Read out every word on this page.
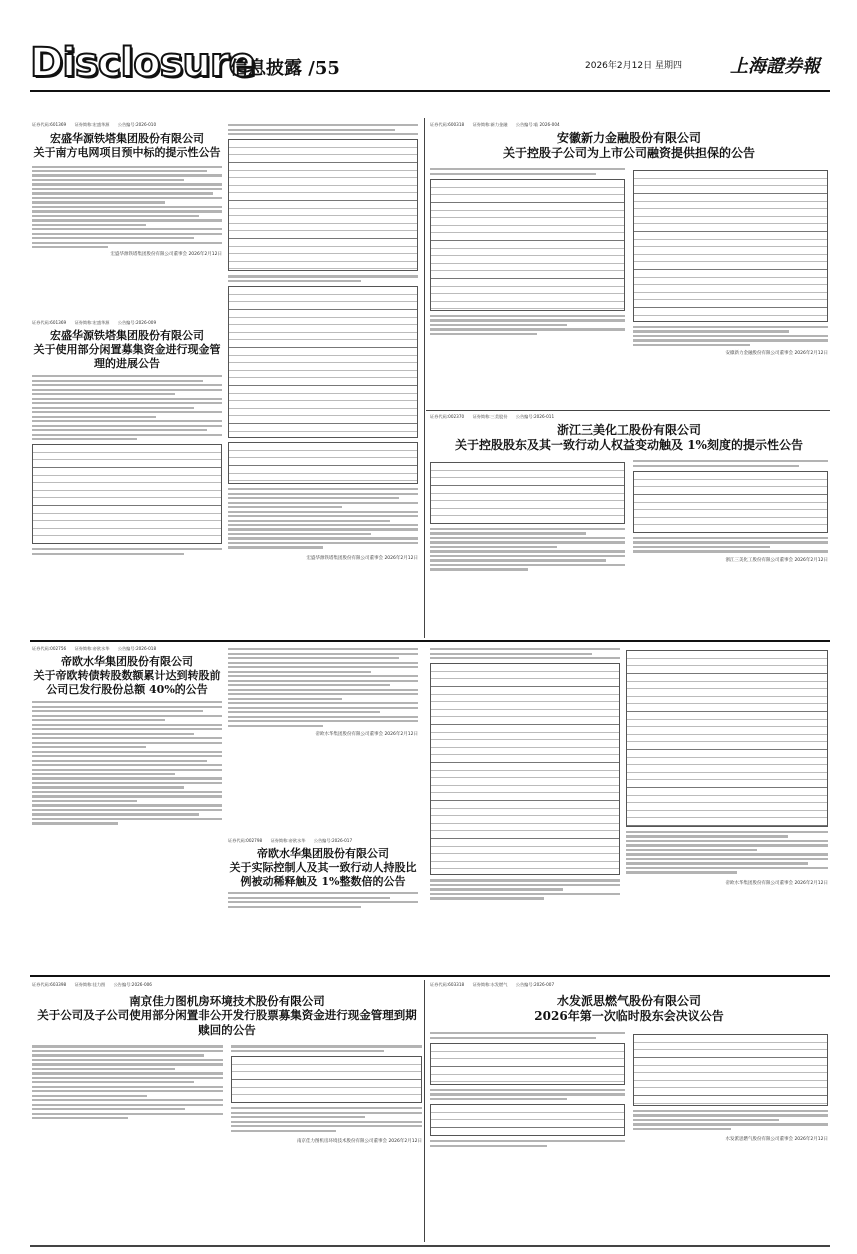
Disclosure
信息披露 /55	2026年2月12日 星期四	上海證券報
证券代码:601369　　证券简称:宏盛华源　　公告编号:2026-010
宏盛华源铁塔集团股份有限公司
关于南方电网项目预中标的提示性公告
宏盛华源铁塔集团股份有限公司董事会 2026年2月12日
证券代码:601369　　证券简称:宏盛华源　　公告编号:2026-009
宏盛华源铁塔集团股份有限公司
关于使用部分闲置募集资金进行现金管理的进展公告
宏盛华源铁塔集团股份有限公司董事会 2026年2月12日
证券代码:600318　　证券简称:新力金融　　公告编号:临 2026-004
安徽新力金融股份有限公司
关于控股子公司为上市公司融资提供担保的公告
安徽新力金融股份有限公司董事会 2026年2月12日
证券代码:002370　　证券简称:三美股份　　公告编号:2026-011
浙江三美化工股份有限公司
关于控股股东及其一致行动人权益变动触及 1%刻度的提示性公告
浙江三美化工股份有限公司董事会 2026年2月12日
证券代码:002756　　证券简称:帝欧水华　　公告编号:2026-018
帝欧水华集团股份有限公司
关于帝欧转债转股数额累计达到转股前公司已发行股份总额 40%的公告
帝欧水华集团股份有限公司董事会 2026年2月12日
证券代码:002798　　证券简称:帝欧水华　　公告编号:2026-017
帝欧水华集团股份有限公司
关于实际控制人及其一致行动人持股比例被动稀释触及 1%整数倍的公告	帝欧水华集团股份有限公司董事会 2026年2月12日
证券代码:603398　　证券简称:佳力图　　公告编号:2026-006
南京佳力图机房环境技术股份有限公司
关于公司及子公司使用部分闲置非公开发行股票募集资金进行现金管理到期赎回的公告
南京佳力图机房环境技术股份有限公司董事会 2026年2月12日
证券代码:603318　　证券简称:水发燃气　　公告编号:2026-007
水发派思燃气股份有限公司
2026年第一次临时股东会决议公告
水发派思燃气股份有限公司董事会 2026年2月12日
